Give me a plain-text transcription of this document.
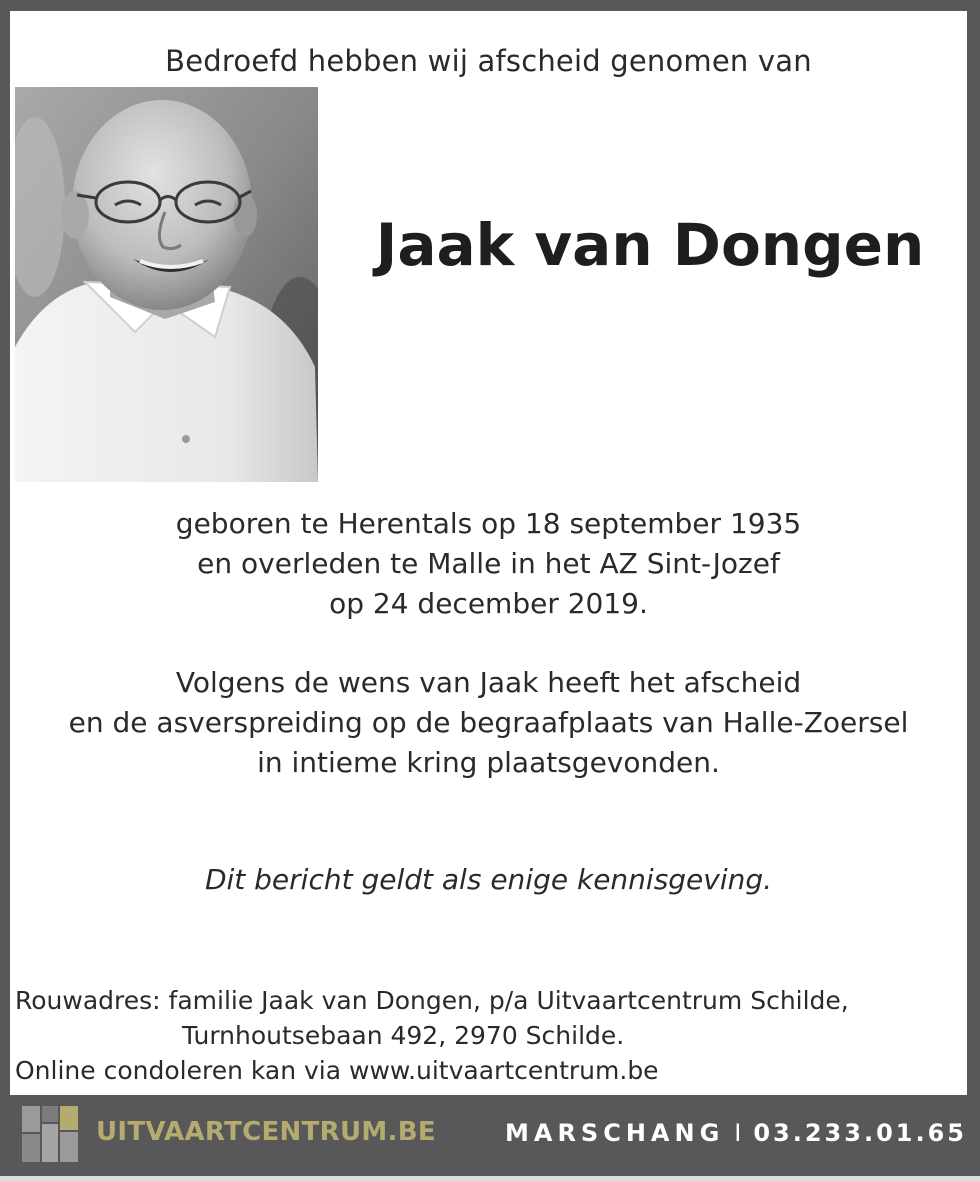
Bedroefd hebben wij afscheid genomen van
Jaak van Dongen
geboren te Herentals op 18 september 1935
en overleden te Malle in het AZ Sint-Jozef
op 24 december 2019.
Volgens de wens van Jaak heeft het afscheid
en de asverspreiding op de begraafplaats van Halle-Zoersel
in intieme kring plaatsgevonden.
Dit bericht geldt als enige kennisgeving.
Rouwadres: familie Jaak van Dongen, p/a Uitvaartcentrum Schilde,
Turnhoutsebaan 492, 2970 Schilde.
Online condoleren kan via www.uitvaartcentrum.be
UITVAARTCENTRUM.BE	MARSCHANG I 03.233.01.65
